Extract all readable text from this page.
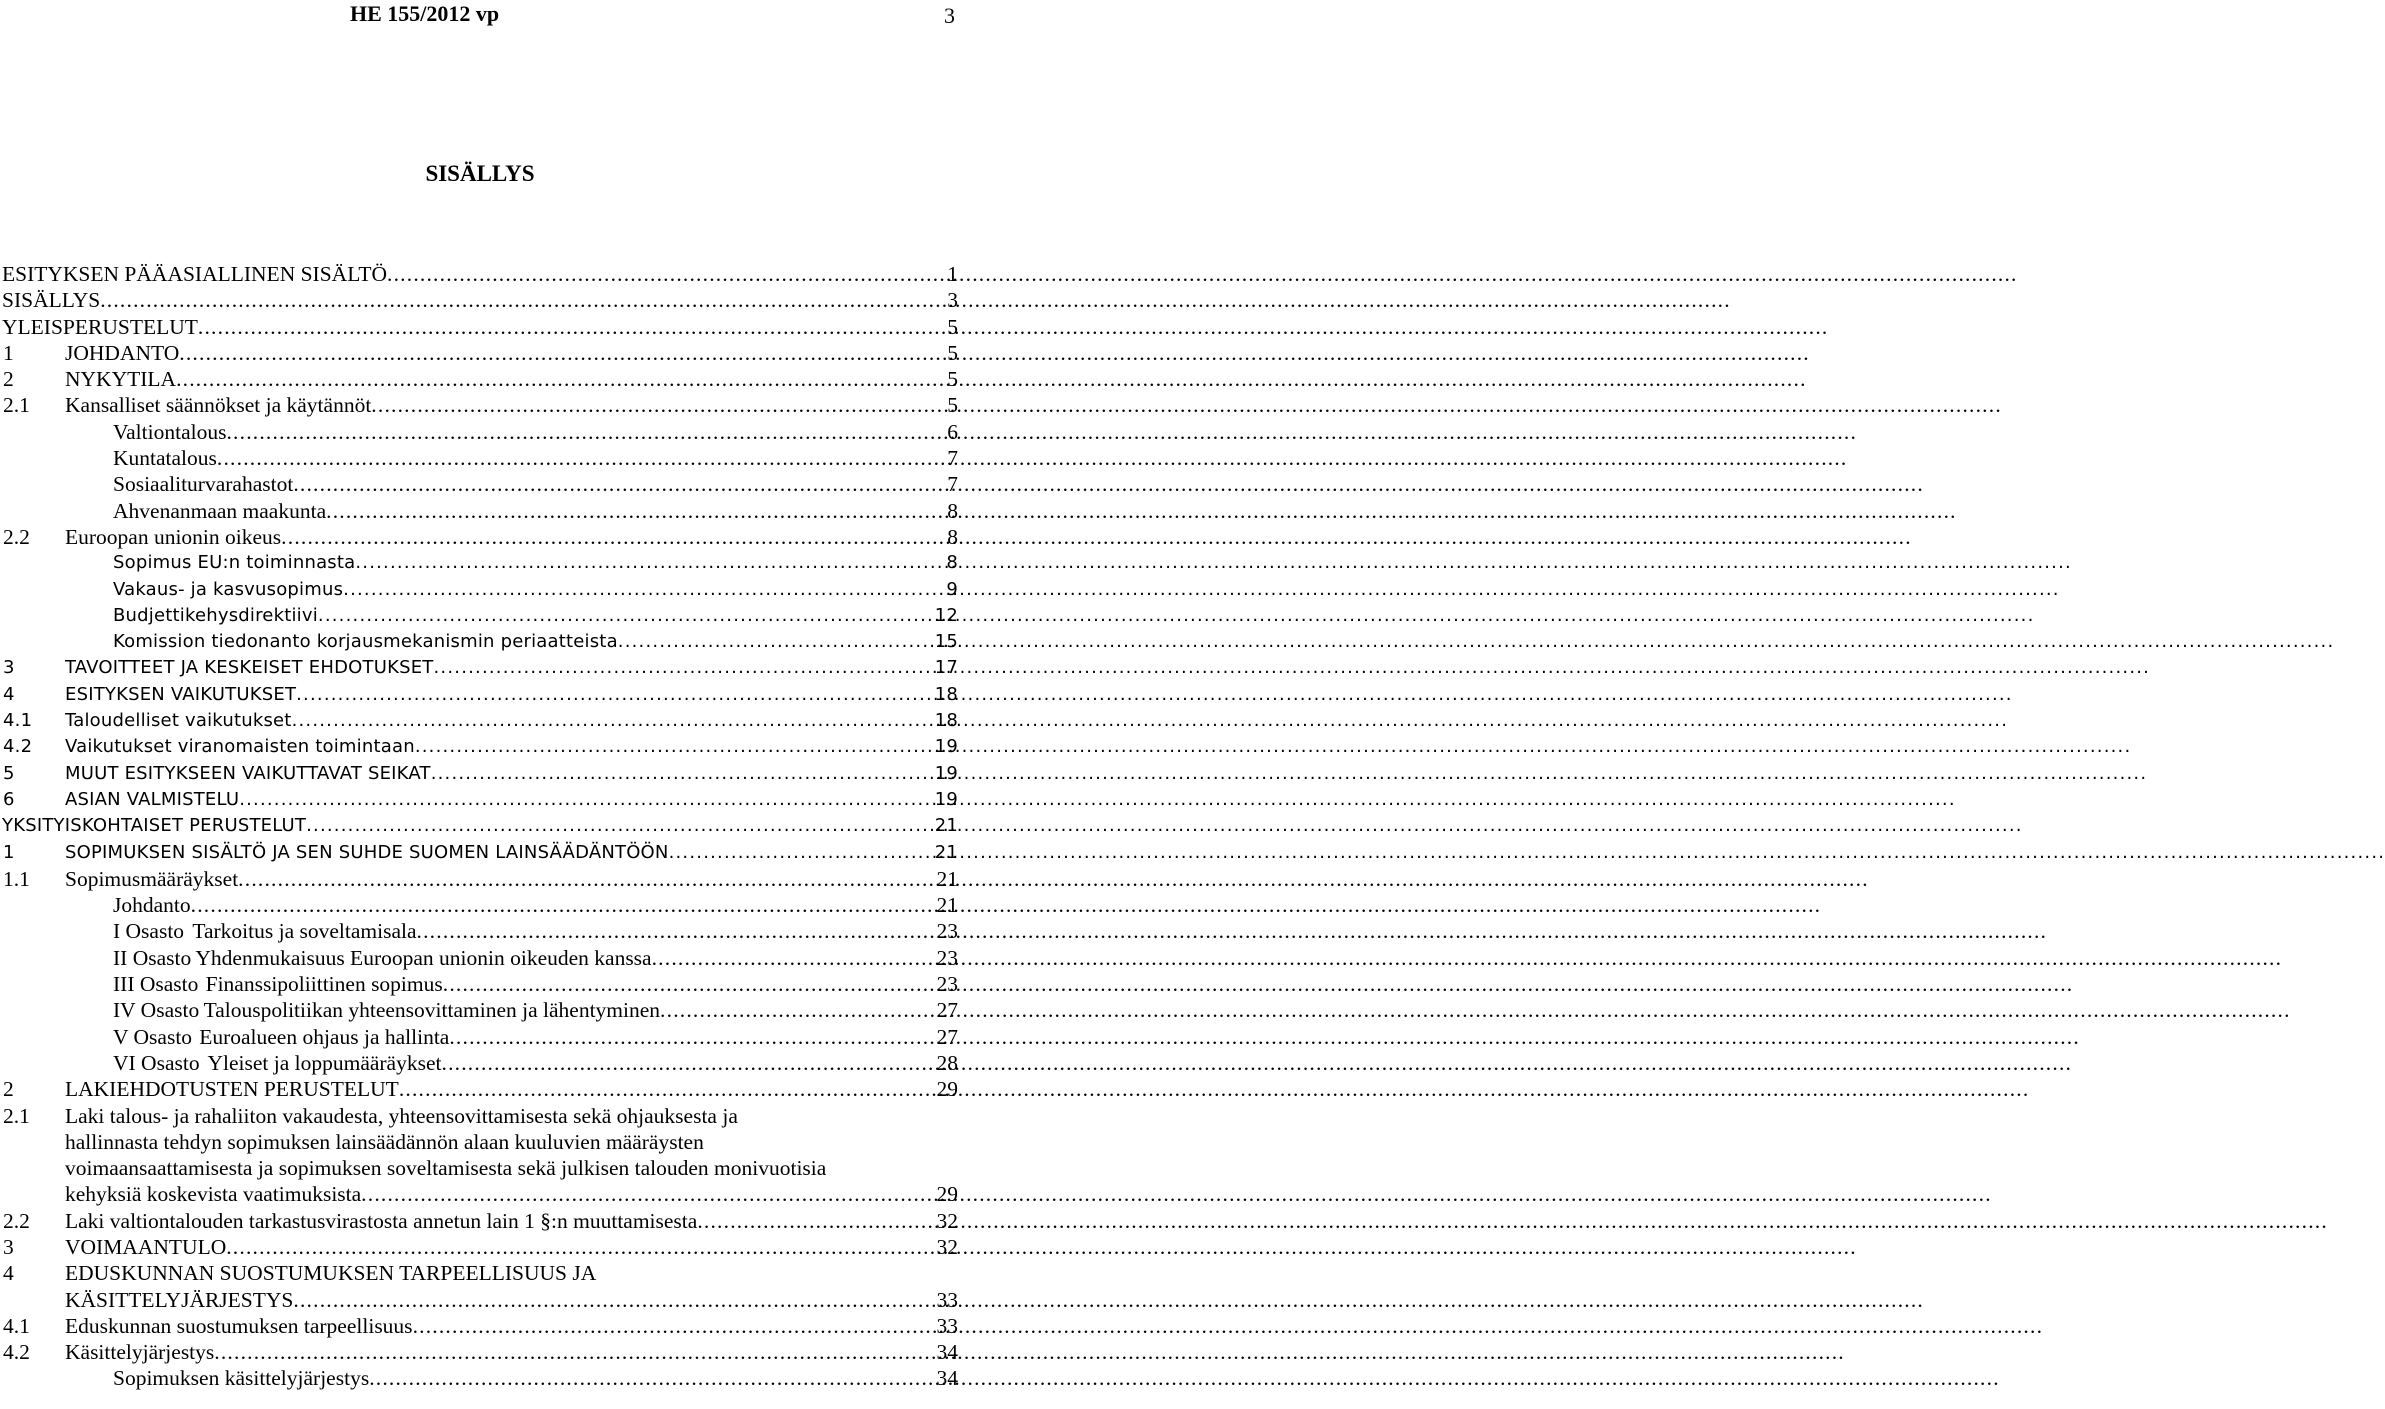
HE 155/2012 vp	3
SISÄLLYS
ESITYKSEN PÄÄASIALLINEN SISÄLTÖ .....	1
SISÄLLYS .....	3
YLEISPERUSTELUT .....	5
1 JOHDANTO .....	5
2 NYKYTILA .....	5
2.1 Kansalliset säännökset ja käytännöt .....	5
Valtiontalous .....	6
Kuntatalous .....	7
Sosiaaliturvarahastot .....	7
Ahvenanmaan maakunta .....	8
2.2 Euroopan unionin oikeus .....	8
Sopimus EU:n toiminnasta .....	8
Vakaus- ja kasvusopimus .....	9
Budjettikehysdirektiivi .....	12
Komission tiedonanto korjausmekanismin periaatteista .....	15
3	TAVOITTEET JA KESKEISET EHDOTUKSET .....	17
4	ESITYKSEN VAIKUTUKSET .....	18
4.1 Taloudelliset vaikutukset .....	18
4.2 Vaikutukset viranomaisten toimintaan .....	19
5	MUUT ESITYKSEEN VAIKUTTAVAT SEIKAT .....	19
6	ASIAN VALMISTELU .....	19
YKSITYISKOHTAISET PERUSTELUT .....	21
1	SOPIMUKSEN SISÄLTÖ JA SEN SUHDE SUOMEN LAINSÄÄDÄNTÖÖN .....	21
1.1 Sopimusmääräykset .....	21
Johdanto .....	21
I Osasto Tarkoitus ja soveltamisala .....	23
II Osasto Yhdenmukaisuus Euroopan unionin oikeuden kanssa .....	23
III Osasto Finanssipoliittinen sopimus .....	23
IV Osasto Talouspolitiikan yhteensovittaminen ja lähentyminen .....	27
V Osasto Euroalueen ohjaus ja hallinta .....	27
VI Osasto Yleiset ja loppumääräykset .....	28
2 LAKIEHDOTUSTEN PERUSTELUT .....	29
2.1 Laki talous- ja rahaliiton vakaudesta, yhteensovittamisesta sekä ohjauksesta ja
hallinnasta tehdyn sopimuksen lainsäädännön alaan kuuluvien määräysten
voimaansaattamisesta ja sopimuksen soveltamisesta sekä julkisen talouden monivuotisia
kehyksiä koskevista vaatimuksista .....	29
2.2 Laki valtiontalouden tarkastusvirastosta annetun lain 1 §:n muuttamisesta .....	32
3 VOIMAANTULO .....	32
4 EDUSKUNNAN SUOSTUMUKSEN TARPEELLISUUS JA
KÄSITTELYJÄRJESTYS .....	33
4.1 Eduskunnan suostumuksen tarpeellisuus .....	33
4.2 Käsittelyjärjestys .....	34
Sopimuksen käsittelyjärjestys .....	34
